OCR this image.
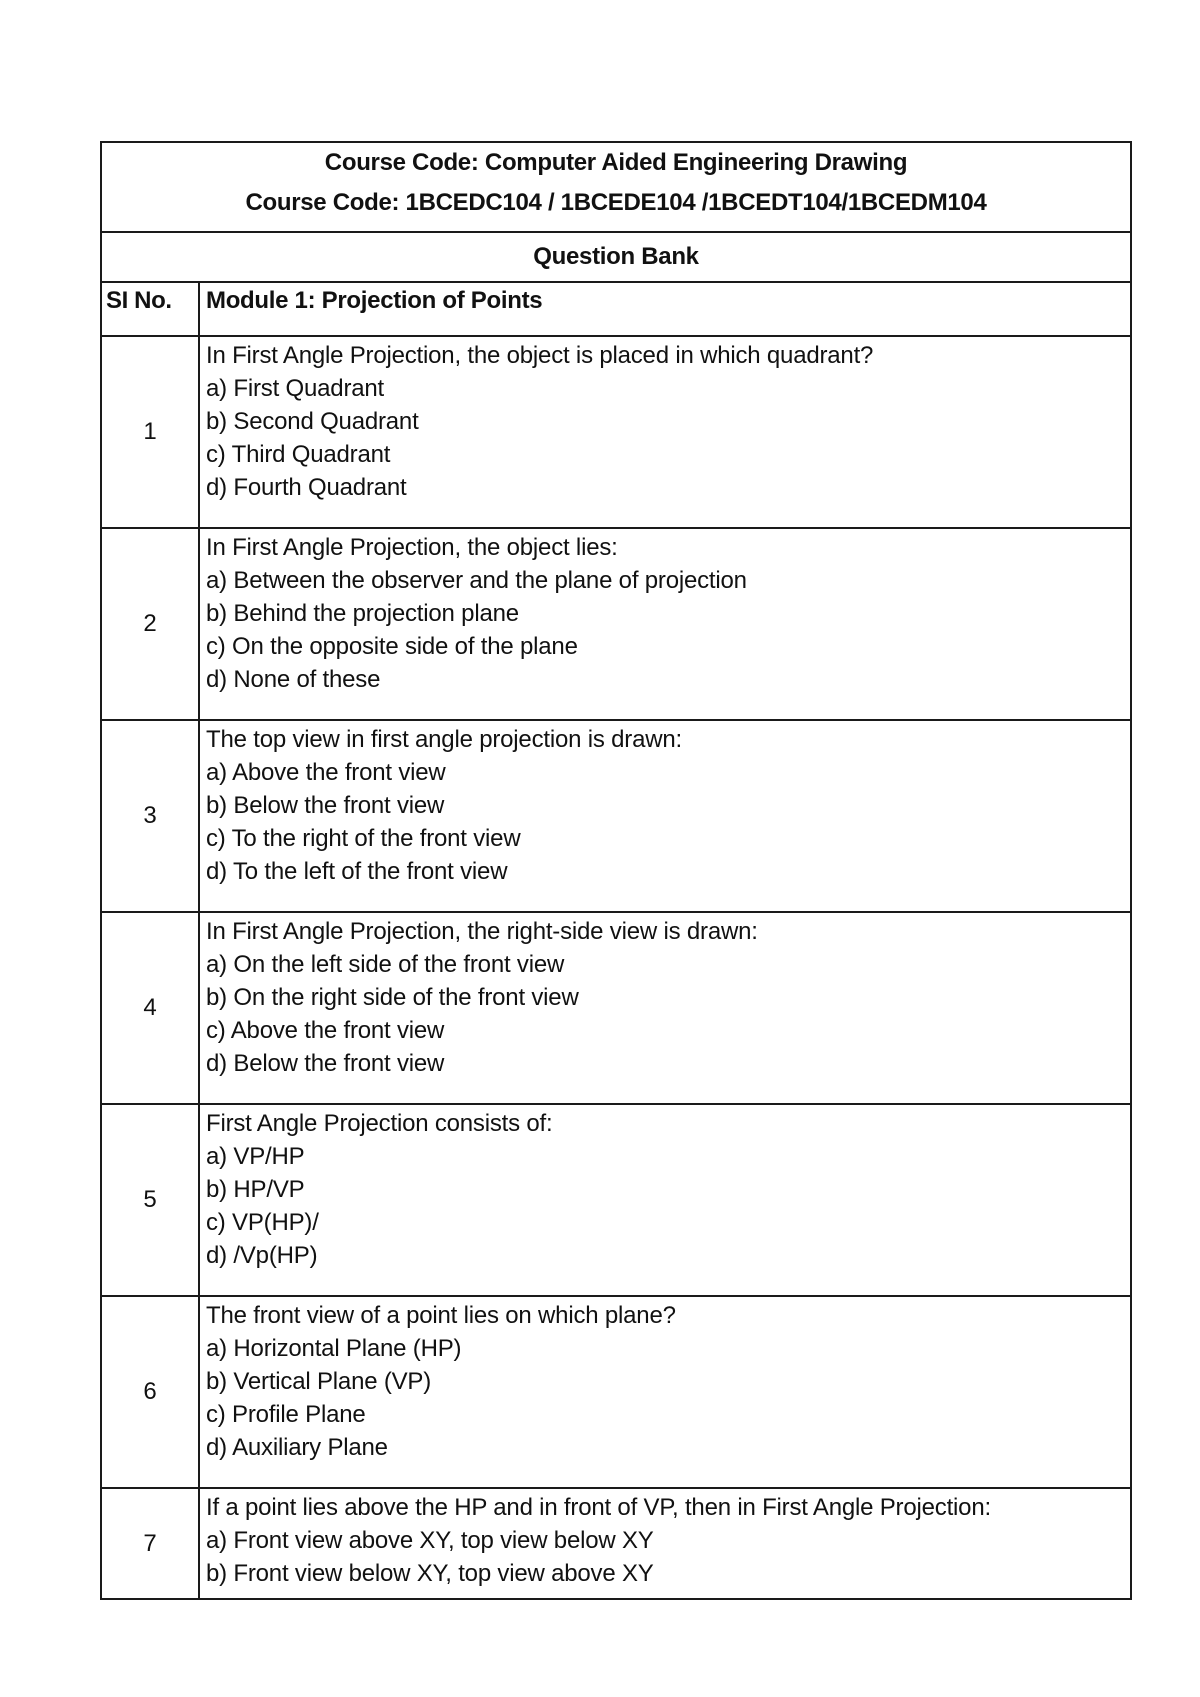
Course Code: Computer Aided Engineering Drawing
Course Code: 1BCEDC104 / 1BCEDE104 /1BCEDT104/1BCEDM104	

Question Bank	
SI No.	Module 1: Projection of Points
1	In First Angle Projection, the object is placed in which quadrant?
a) First Quadrant
b) Second Quadrant
c) Third Quadrant
d) Fourth Quadrant

2	In First Angle Projection, the object lies:
a) Between the observer and the plane of projection
b) Behind the projection plane
c) On the opposite side of the plane
d) None of these

3	The top view in first angle projection is drawn:
a) Above the front view
b) Below the front view
c) To the right of the front view
d) To the left of the front view

4	In First Angle Projection, the right-side view is drawn:
a) On the left side of the front view
b) On the right side of the front view
c) Above the front view
d) Below the front view

5	First Angle Projection consists of:
a) VP/HP
b) HP/VP
c) VP(HP)/
d) /Vp(HP)

6	The front view of a point lies on which plane?
a) Horizontal Plane (HP)
b) Vertical Plane (VP)
c) Profile Plane
d) Auxiliary Plane

7	If a point lies above the HP and in front of VP, then in First Angle Projection:
a) Front view above XY, top view below XY
b) Front view below XY, top view above XY
